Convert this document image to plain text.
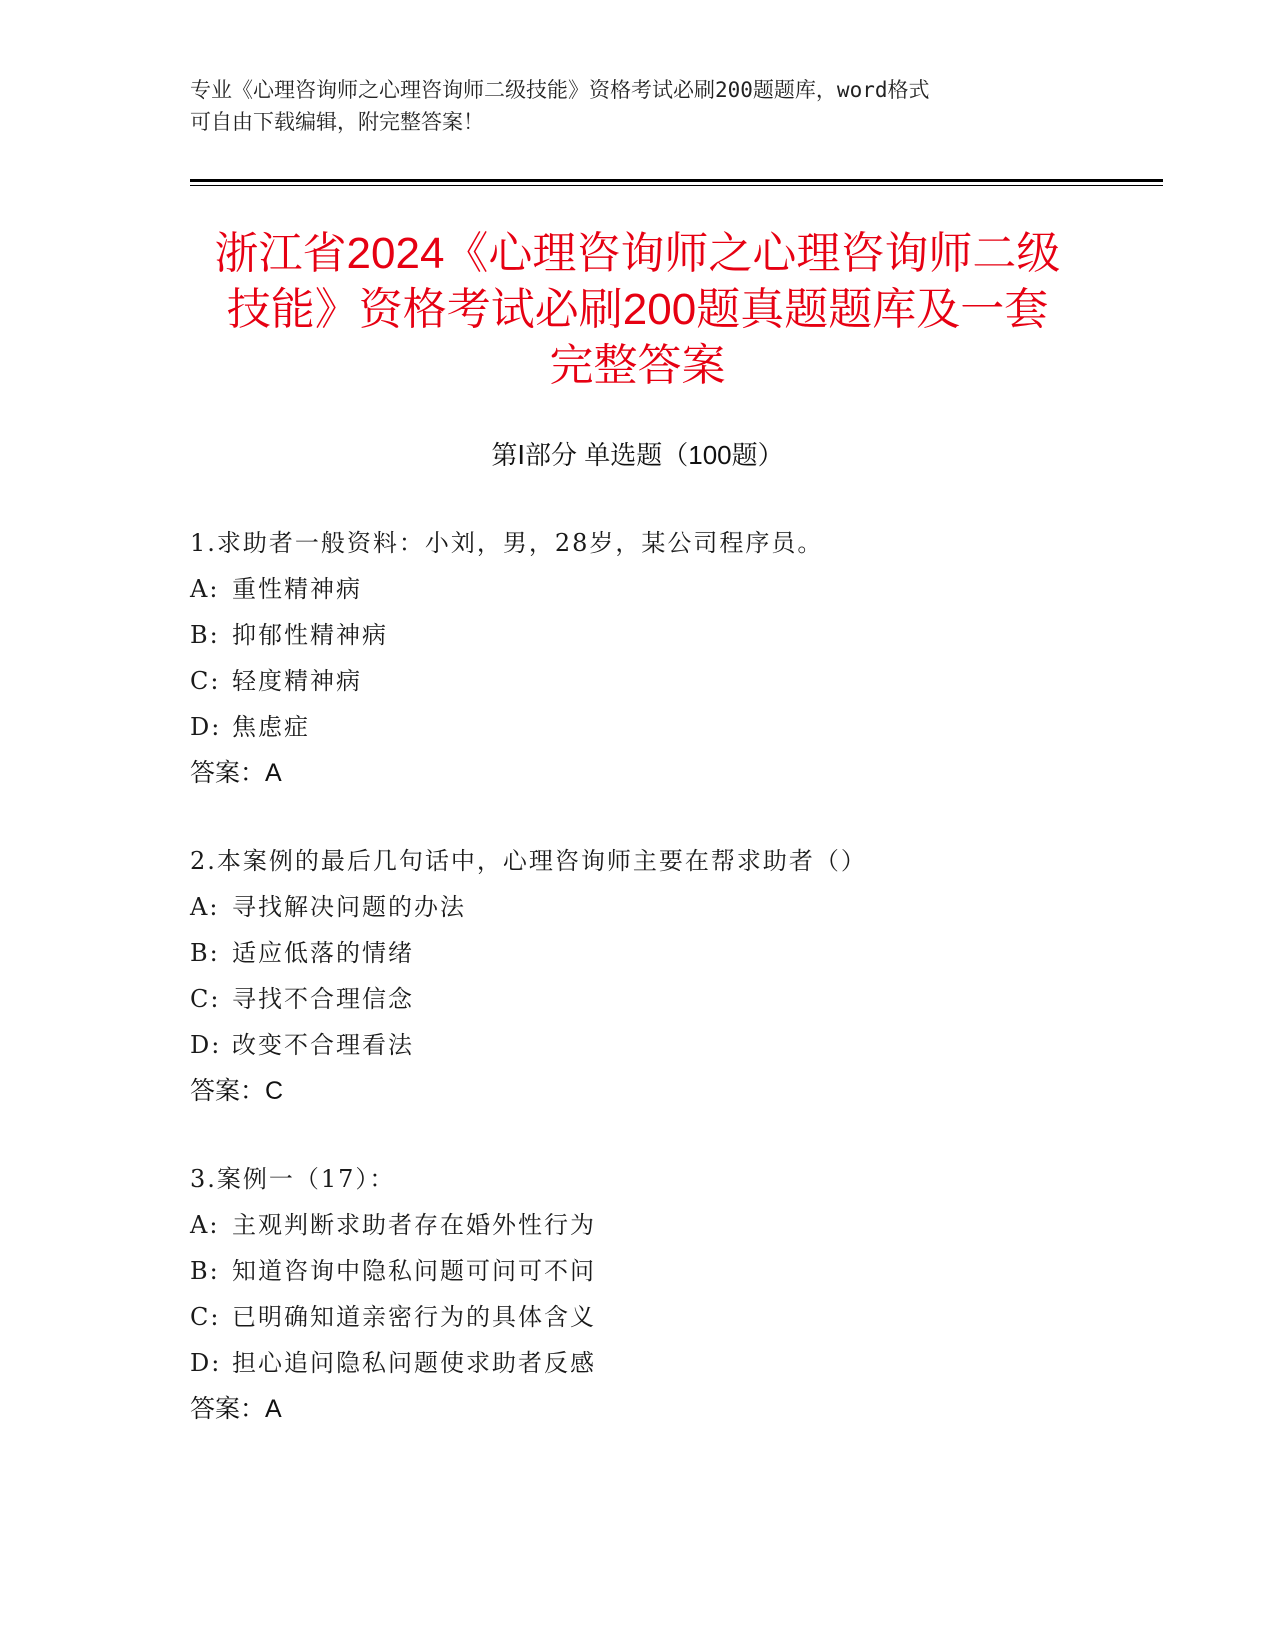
专业《心理咨询师之心理咨询师二级技能》资格考试必刷200题题库，word格式
可自由下载编辑，附完整答案！
浙江省2024《心理咨询师之心理咨询师二级
技能》资格考试必刷200题真题题库及一套
完整答案
第Ⅰ部分 单选题（100题）
1.求助者一般资料：小刘，男，28岁，某公司程序员。
A: 重性精神病
B: 抑郁性精神病
C: 轻度精神病
D: 焦虑症
答案：A
2.本案例的最后几句话中，心理咨询师主要在帮求助者（）
A: 寻找解决问题的办法
B: 适应低落的情绪
C: 寻找不合理信念
D: 改变不合理看法
答案：C
3.案例一（17）：
A: 主观判断求助者存在婚外性行为
B: 知道咨询中隐私问题可问可不问
C: 已明确知道亲密行为的具体含义
D: 担心追问隐私问题使求助者反感
答案：A
